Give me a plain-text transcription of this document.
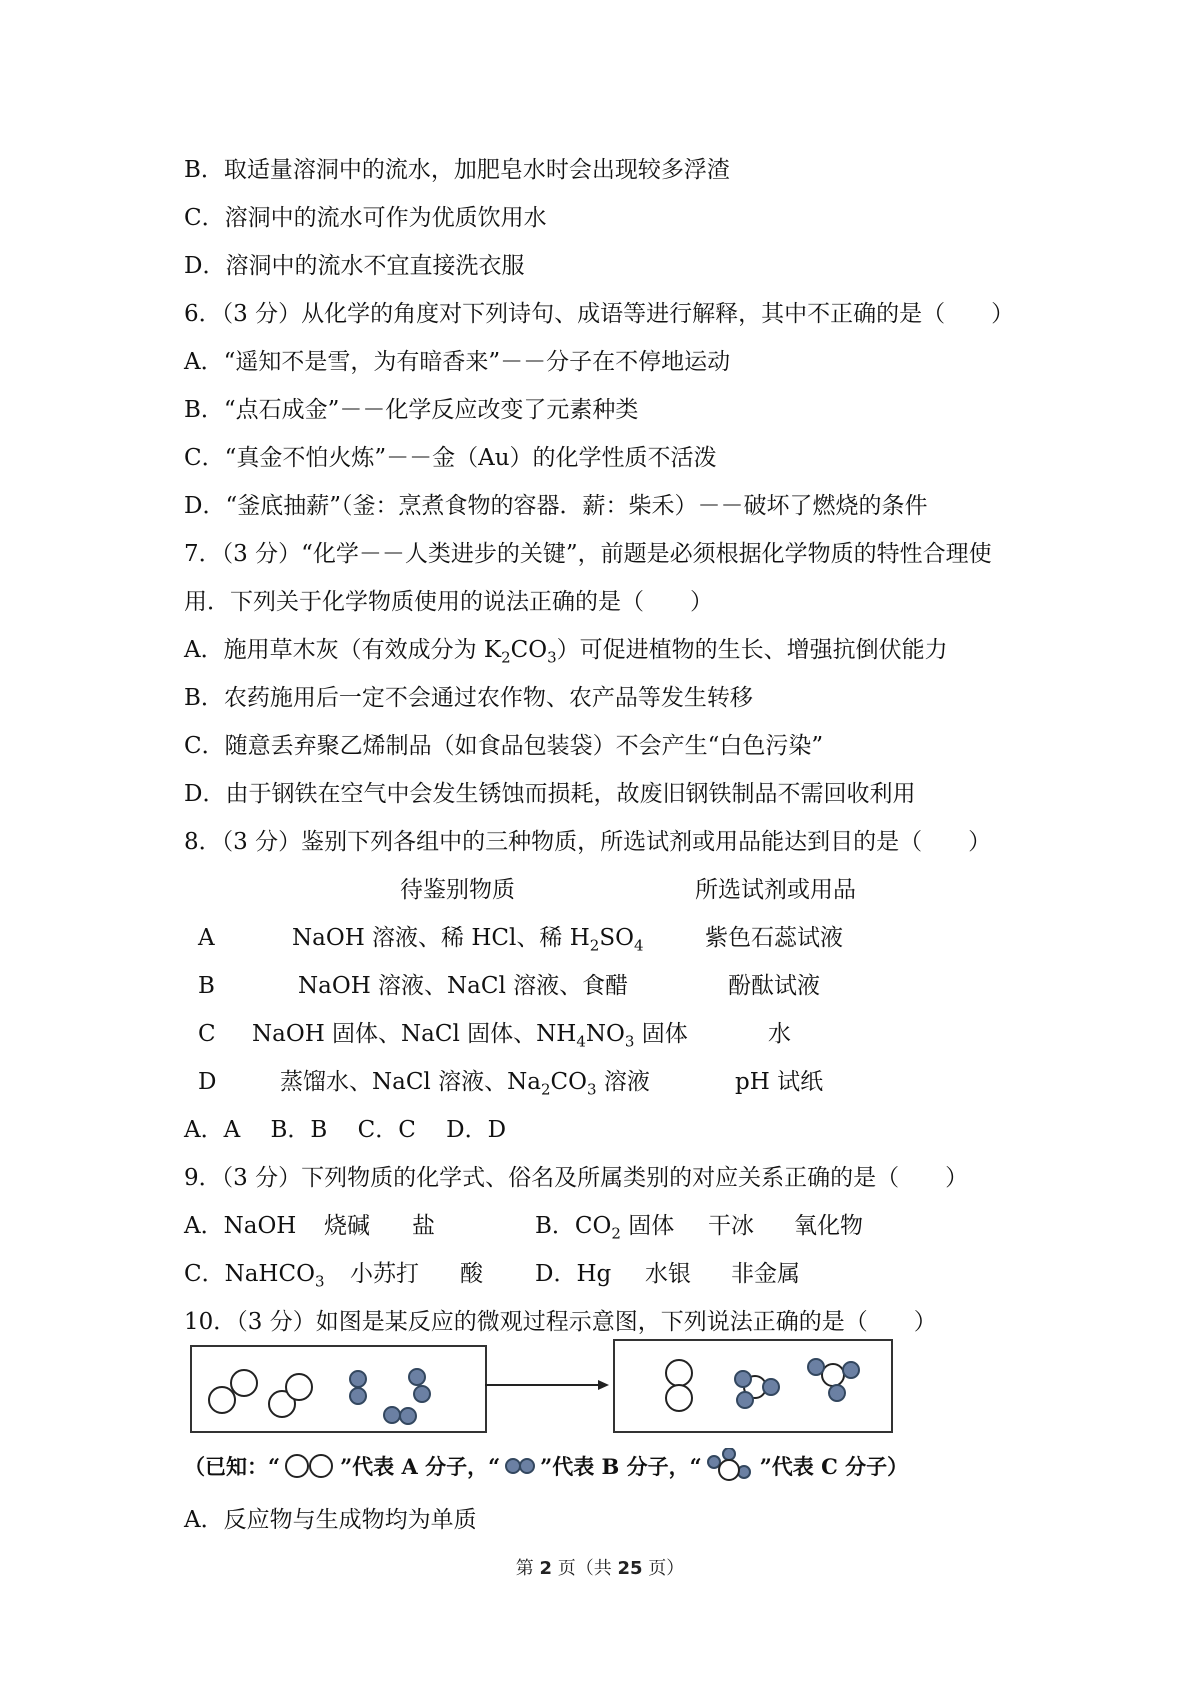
B．取适量溶洞中的流水，加肥皂水时会出现较多浮渣
C．溶洞中的流水可作为优质饮用水
D．溶洞中的流水不宜直接洗衣服
6．（3 分）从化学的角度对下列诗句、成语等进行解释，其中不正确的是（　　）
A．“遥知不是雪，为有暗香来”－－分子在不停地运动
B．“点石成金”－－化学反应改变了元素种类
C．“真金不怕火炼”－－金（Au）的化学性质不活泼
D．“釜底抽薪”（釜：烹煮食物的容器．薪：柴禾）－－破坏了燃烧的条件
7．（3 分）“化学－－人类进步的关键”，前题是必须根据化学物质的特性合理使
用．下列关于化学物质使用的说法正确的是（　　）
A．施用草木灰（有效成分为 $K_2CO_3$）可促进植物的生长、增强抗倒伏能力
B．农药施用后一定不会通过农作物、农产品等发生转移
C．随意丢弃聚乙烯制品（如食品包装袋）不会产生“白色污染”
D．由于钢铁在空气中会发生锈蚀而损耗，故废旧钢铁制品不需回收利用
8．（3 分）鉴别下列各组中的三种物质，所选试剂或用品能达到目的是（　　）
待鉴别物质	所选试剂或用品
A	NaOH 溶液、稀 HCl、稀 $H_2SO_4$	紫色石蕊试液
B	NaOH 溶液、NaCl 溶液、食醋	酚酞试液
C NaOH 固体、NaCl 固体、$NH_4NO_3$ 固体	水
D	蒸馏水、NaCl 溶液、$Na_2CO_3$ 溶液	pH 试纸
A．A　 B．B　 C．C　 D．D
9．（3 分）下列物质的化学式、俗名及所属类别的对应关系正确的是（　　）
A．NaOH 烧碱 盐	B．$CO_2$ 固体 干冰 氧化物
C．NaHCO$_3$ 小苏打 酸 D．Hg 水银 非金属
10．（3 分）如图是某反应的微观过程示意图，下列说法正确的是（　　）
（已知：“	”代表 A 分子，“ ”代表 B 分子，“	”代表 C 分子）
A．反应物与生成物均为单质
第 2 页（共 25 页）
